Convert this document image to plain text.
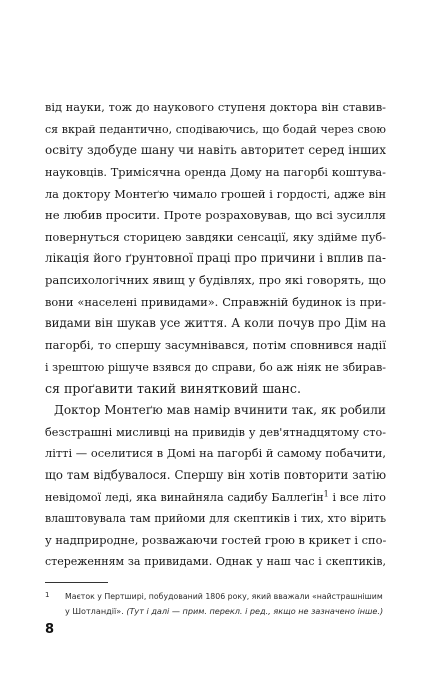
від науки, тож до наукового ступеня доктора він ставив-
ся вкрай педантично, сподіваючись, що бодай через свою
освіту здобуде шану чи навіть авторитет серед інших
науковців. Тримісячна оренда Дому на пагорбі коштува-
ла доктору Монтеґю чимало грошей і гордості, адже він
не любив просити. Проте розраховував, що всі зусилля
повернуться сторицею завдяки сенсації, яку здійме пуб-
лікація його ґрунтовної праці про причини і вплив па-
рапсихологічних явищ у будівлях, про які говорять, що
вони «населені привидами». Справжній будинок із при-
видами він шукав усе життя. А коли почув про Дім на
пагорбі, то спершу засумнівався, потім сповнився надії
і зрештою рішуче взявся до справи, бо аж ніяк не збирав-
ся проґавити такий винятковий шанс.
Доктор Монтеґю мав намір вчинити так, як робили
безстрашні мисливці на привидів у дев'ятнадцятому сто-
літті — оселитися в Домі на пагорбі й самому побачити,
що там відбувалося. Спершу він хотів повторити затію
невідомої леді, яка винайняла садибу Баллеґін$^1$ і все літо
влаштовувала там прийоми для скептиків і тих, хто вірить
у надприродне, розважаючи гостей грою в крикет і спо-
стереженням за привидами. Однак у наш час і скептиків,
1 Маєток у Пертширі, побудований 1806 року, який вважали «найстрашнішим
у Шотландії». (Тут і далі — прим. перекл. і ред., якщо не зазначено інше.)
8
